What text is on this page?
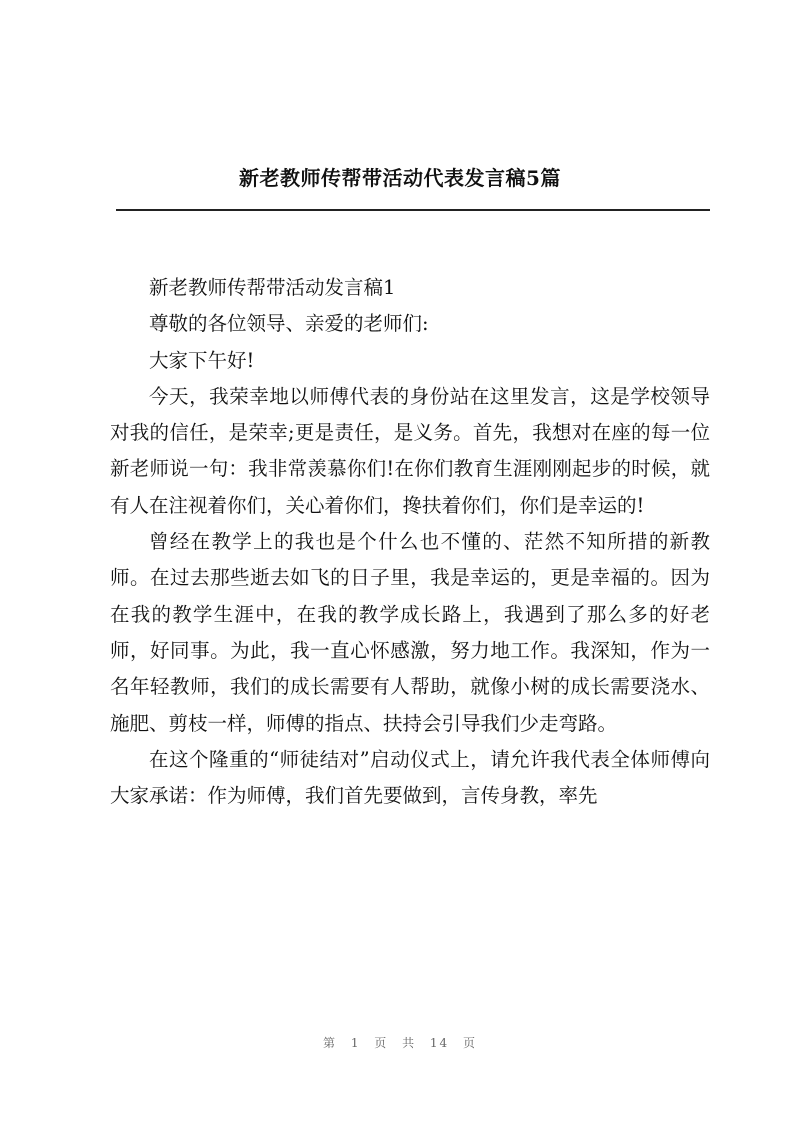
新老教师传帮带活动代表发言稿5篇

新老教师传帮带活动发言稿1

尊敬的各位领导、亲爱的老师们:

大家下午好!

今天，我荣幸地以师傅代表的身份站在这里发言，这是学校领导对我的信任，是荣幸;更是责任，是义务。首先，我想对在座的每一位新老师说一句：我非常羡慕你们!在你们教育生涯刚刚起步的时候，就有人在注视着你们，关心着你们，搀扶着你们，你们是幸运的!

曾经在教学上的我也是个什么也不懂的、茫然不知所措的新教师。在过去那些逝去如飞的日子里，我是幸运的，更是幸福的。因为在我的教学生涯中，在我的教学成长路上，我遇到了那么多的好老师，好同事。为此，我一直心怀感激，努力地工作。我深知，作为一名年轻教师，我们的成长需要有人帮助，就像小树的成长需要浇水、施肥、剪枝一样，师傅的指点、扶持会引导我们少走弯路。

在这个隆重的“师徒结对”启动仪式上，请允许我代表全体师傅向大家承诺：作为师傅，我们首先要做到，言传身教，率先

第 1 页 共 14 页
